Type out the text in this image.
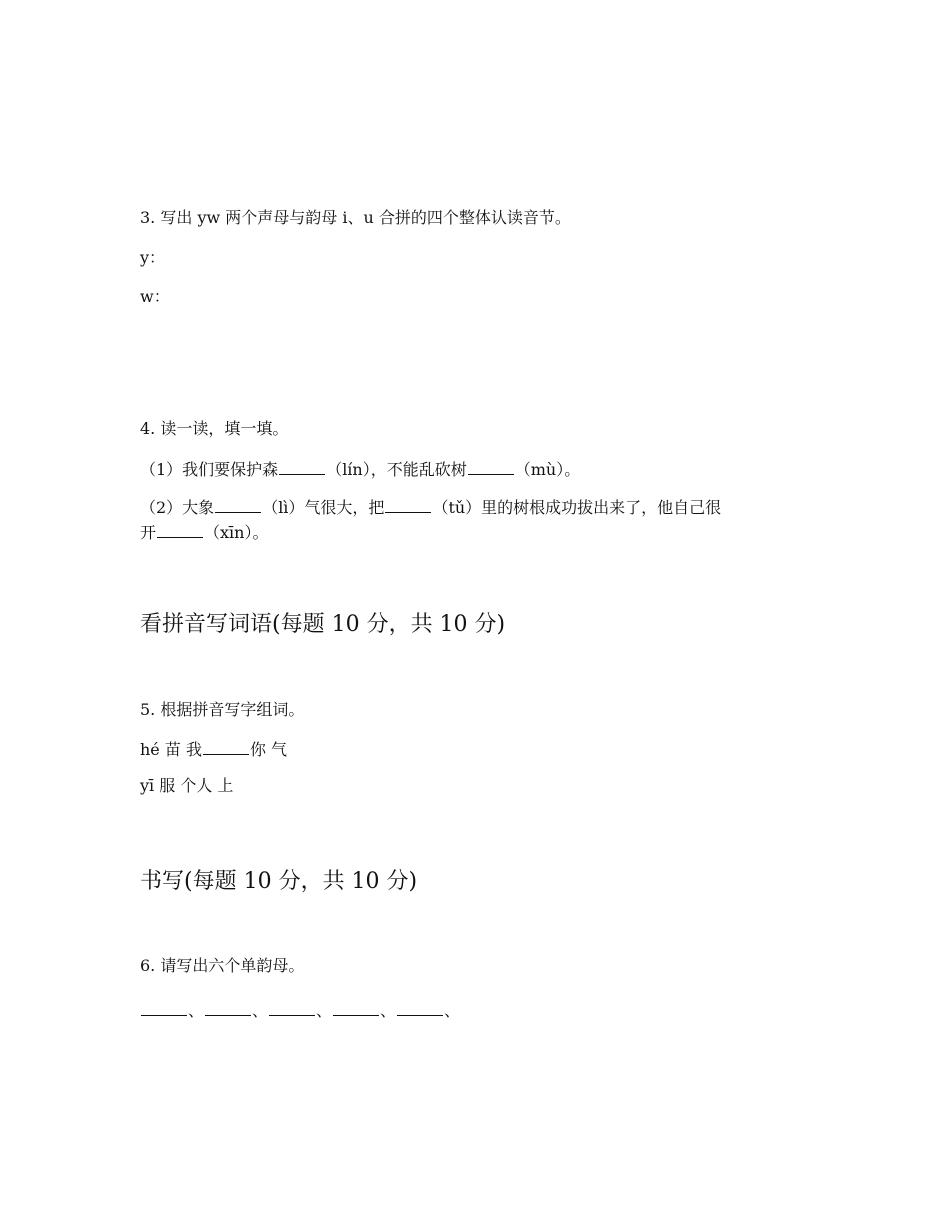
3. 写出 yw 两个声母与韵母 i、u 合拼的四个整体认读音节。
y：
w：
4. 读一读，填一填。
（1）我们要保护森	（lín），不能乱砍树	（mù）。
（2）大象	（lì）气很大，把	（tǔ）里的树根成功拔出来了，他自己很
开	（xīn）。
看拼音写词语(每题 10 分，共 10 分)
5. 根据拼音写字组词。
hé 苗 我	你 气
yī 服 个人 上
书写(每题 10 分，共 10 分)
6. 请写出六个单韵母。
、	、	、	、	、
